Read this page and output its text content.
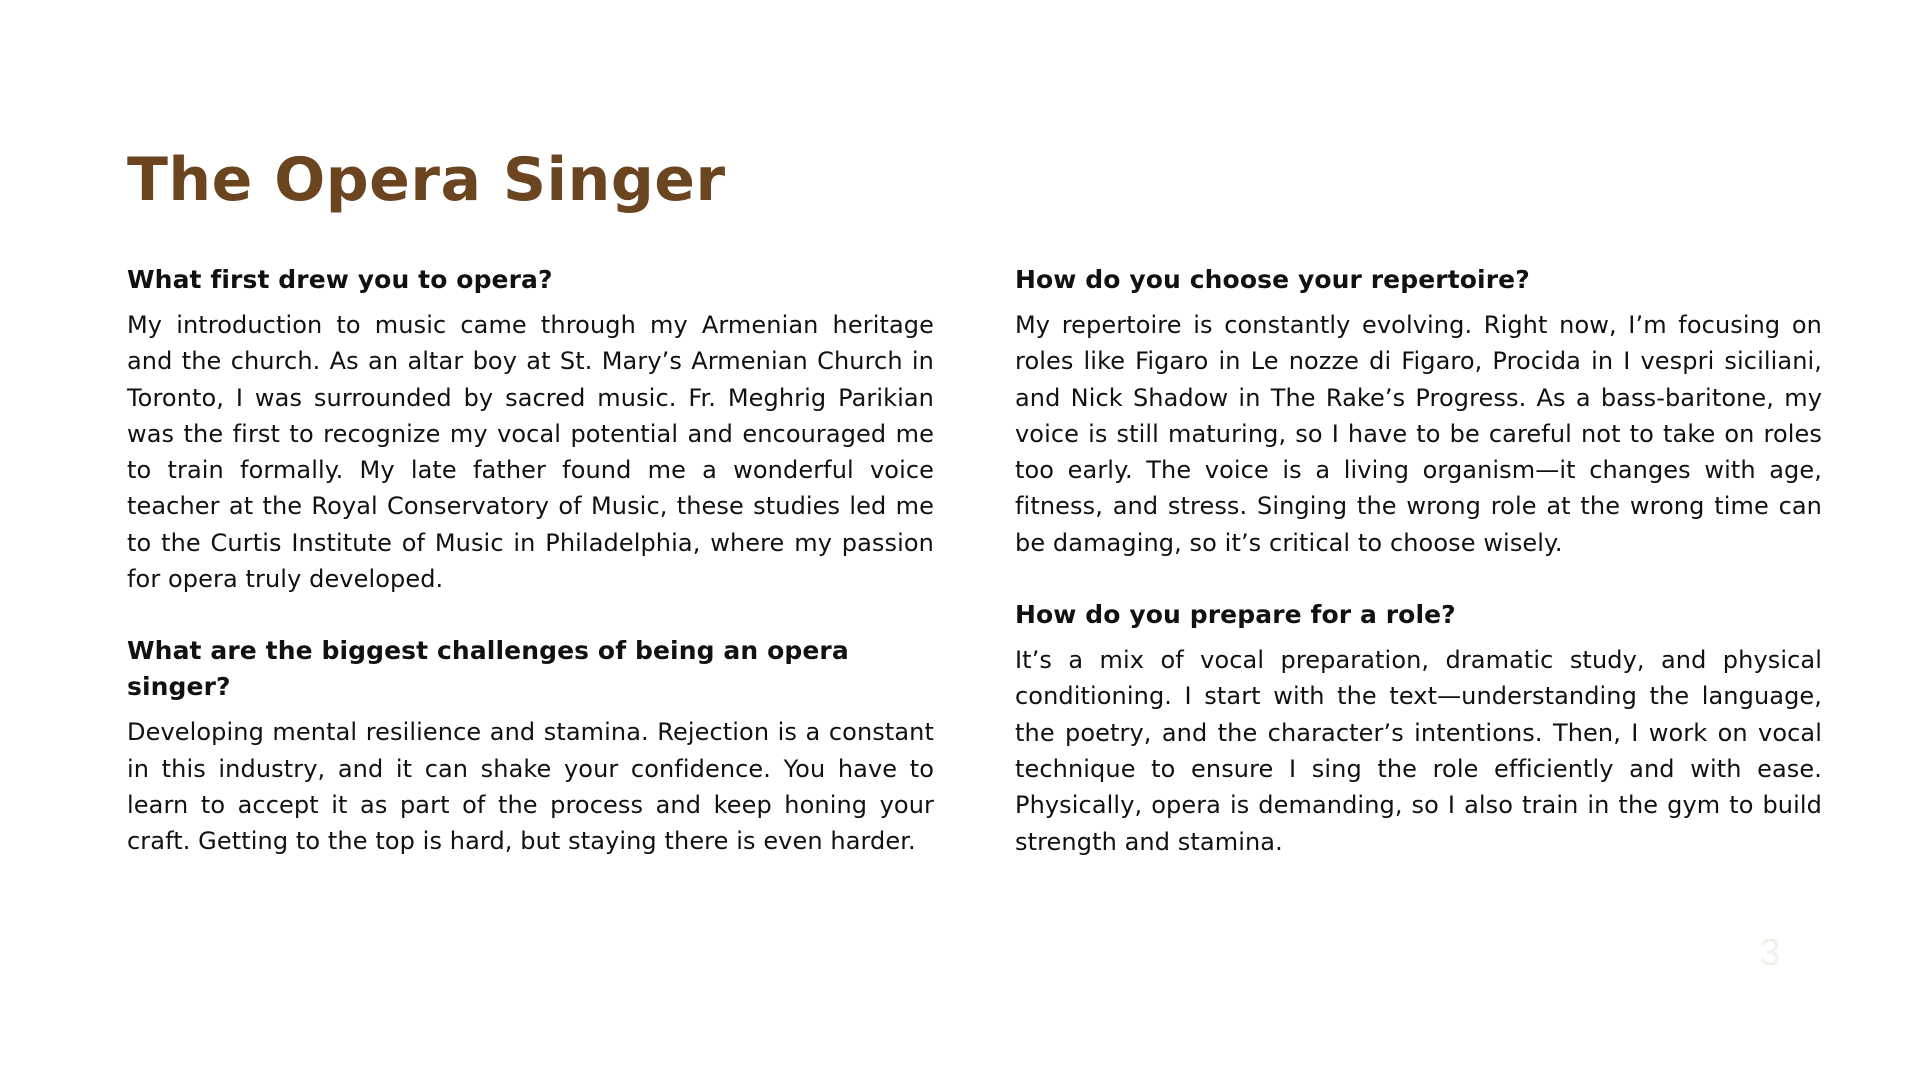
The Opera Singer
What first drew you to opera?

My introduction to music came through my Armenian heritage and the church. As an altar boy at St. Mary’s Armenian Church in Toronto, I was surrounded by sacred music. Fr. Meghrig Parikian was the first to recognize my vocal potential and encouraged me to train formally. My late father found me a wonderful voice teacher at the Royal Conservatory of Music, these studies led me to the Curtis Institute of Music in Philadelphia, where my passion for opera truly developed.

What are the biggest challenges of being an opera singer?

Developing mental resilience and stamina. Rejection is a constant in this industry, and it can shake your confidence. You have to learn to accept it as part of the process and keep honing your craft. Getting to the top is hard, but staying there is even harder.

How do you choose your repertoire?

My repertoire is constantly evolving. Right now, I’m focusing on roles like Figaro in Le nozze di Figaro, Procida in I vespri siciliani, and Nick Shadow in The Rake’s Progress. As a bass-baritone, my voice is still maturing, so I have to be careful not to take on roles too early. The voice is a living organism—it changes with age, fitness, and stress. Singing the wrong role at the wrong time can be damaging, so it’s critical to choose wisely.

How do you prepare for a role?

It’s a mix of vocal preparation, dramatic study, and physical conditioning. I start with the text—understanding the language, the poetry, and the character’s intentions. Then, I work on vocal technique to ensure I sing the role efficiently and with ease. Physically, opera is demanding, so I also train in the gym to build strength and stamina.

3
